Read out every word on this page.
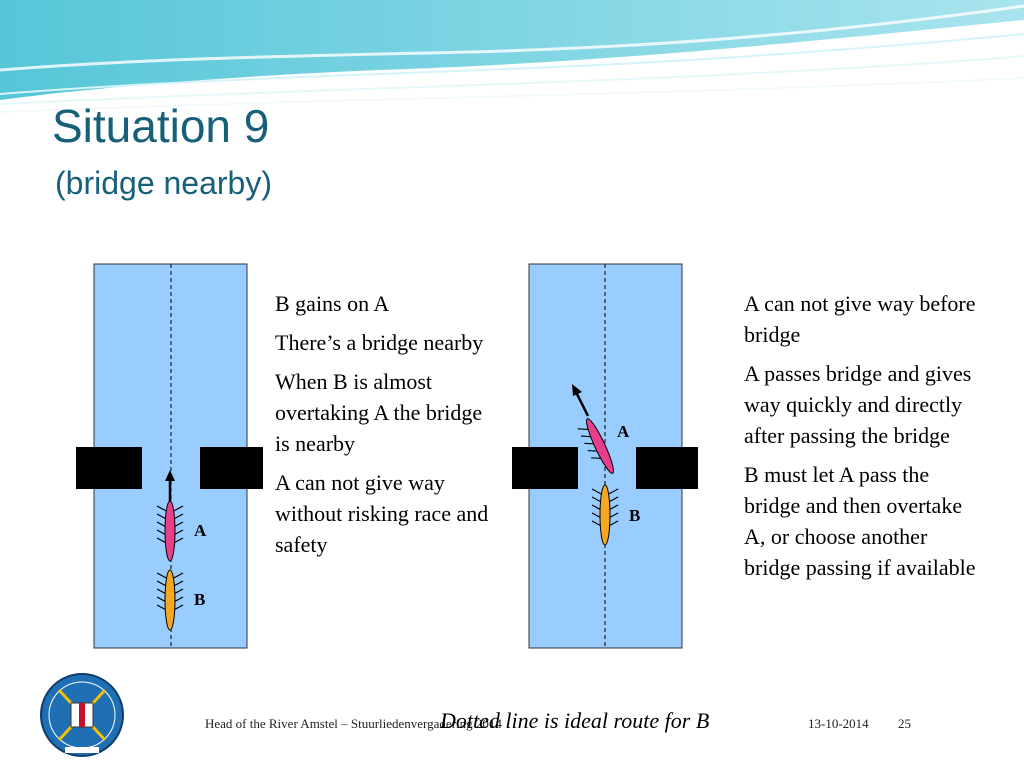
Situation 9
(bridge nearby)
A
B

B gains on A

There’s a bridge nearby

When B is almost overtaking A the bridge is nearby

A can not give way without risking race and safety

A
B

A can not give way before bridge

A passes bridge and gives way quickly and directly after passing the bridge

B must let A pass the bridge and then overtake A, or choose another bridge passing if available

Head of the River Amstel – Stuurliedenvergadering 2014
Dotted line is ideal route for B	13-10-2014 25
